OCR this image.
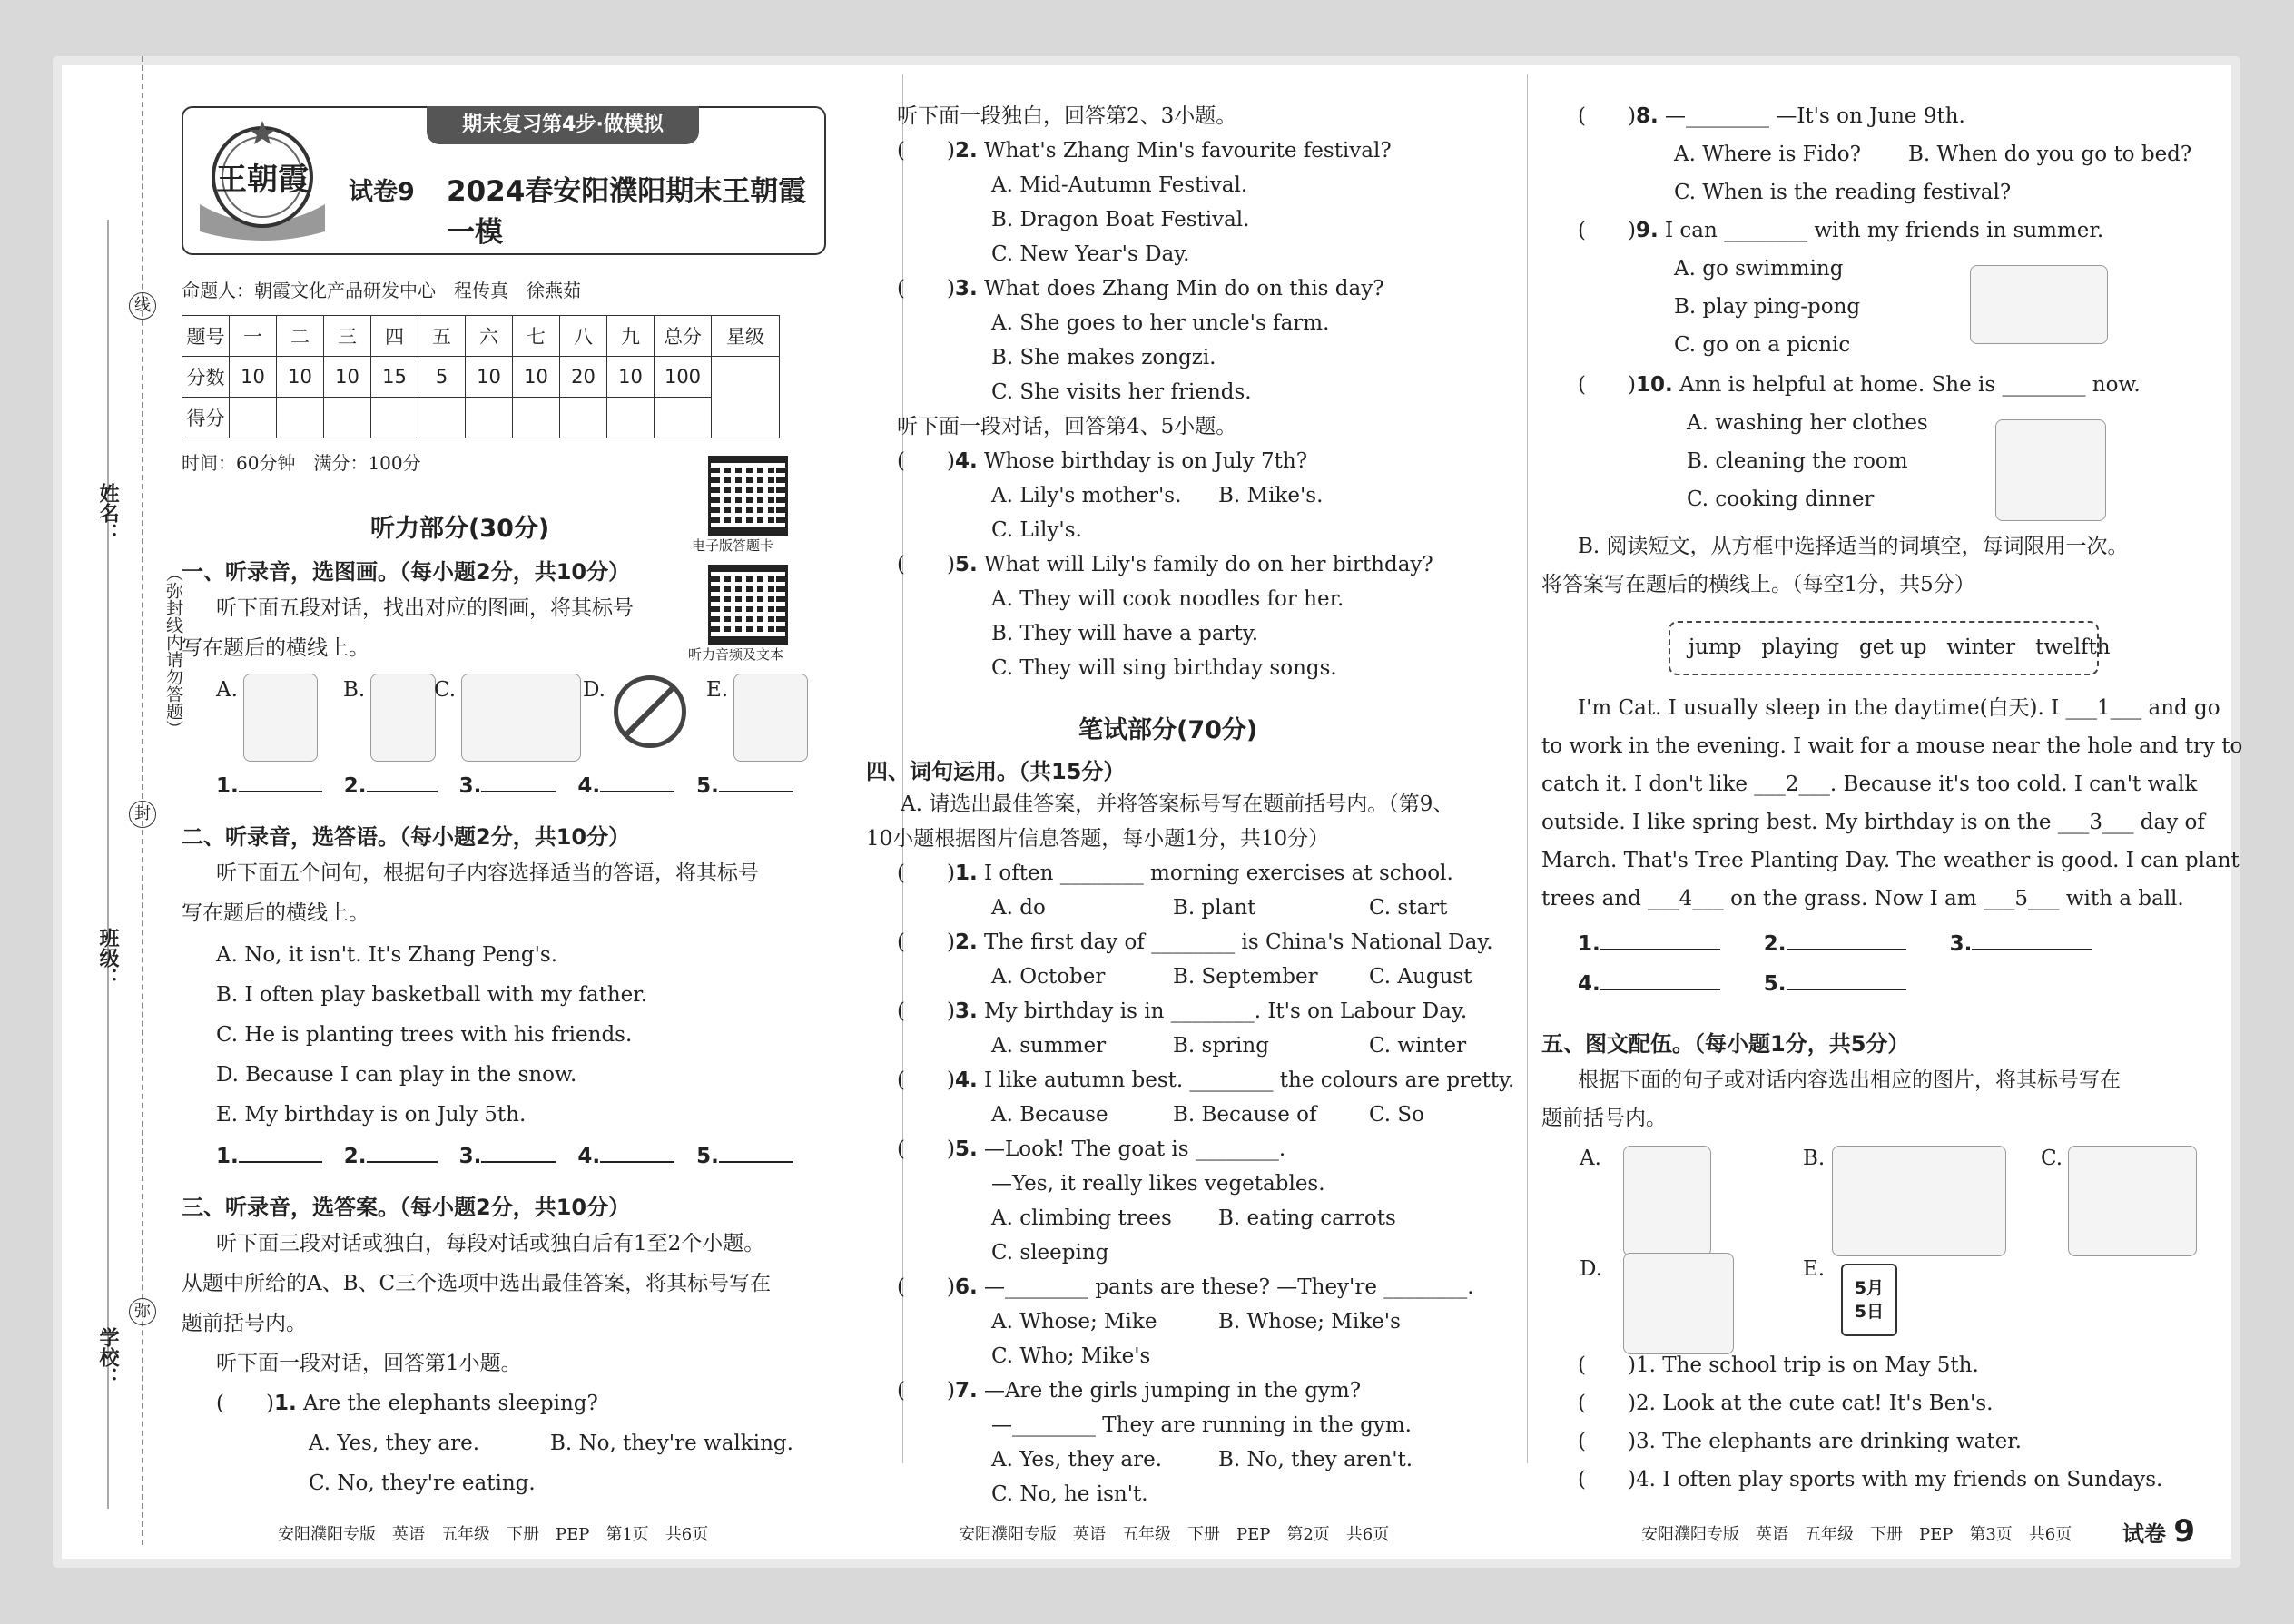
姓名：
班级：
学校：
（弥封线内请勿答题）
线
封
弥
王朝霞
期末复习第4步·做模拟
试卷9 2024春安阳濮阳期末王朝霞一模
命题人：朝霞文化产品研发中心　程传真　徐燕茹
题号	一	二	三	四	五	六	七	八	九	总分	星级
分数	10	10	10	15	5	10	10	20	10	100	
得分											
时间：60分钟　满分：100分
电子版答题卡
听力音频及文本
听力部分(30分)
一、听录音，选图画。（每小题2分，共10分）
听下面五段对话，找出对应的图画，将其标号
写在题后的横线上。
A.	B.	C.	D.	E.
1.	2.	3.	4.	5.
二、听录音，选答语。（每小题2分，共10分）
听下面五个问句，根据句子内容选择适当的答语，将其标号
写在题后的横线上。
A. No, it isn't. It's Zhang Peng's.
B. I often play basketball with my father.
C. He is planting trees with his friends.
D. Because I can play in the snow.
E. My birthday is on July 5th.
1.	2.	3.	4.	5.
三、听录音，选答案。（每小题2分，共10分）
听下面三段对话或独白，每段对话或独白后有1至2个小题。
从题中所给的A、B、C三个选项中选出最佳答案，将其标号写在
题前括号内。
听下面一段对话，回答第1小题。
(　　)1. Are the elephants sleeping?
A. Yes, they are.	B. No, they're walking.
C. No, they're eating.
听下面一段独白，回答第2、3小题。
(　　)2. What's Zhang Min's favourite festival?
A. Mid-Autumn Festival.
B. Dragon Boat Festival.
C. New Year's Day.
(　　)3. What does Zhang Min do on this day?
A. She goes to her uncle's farm.
B. She makes zongzi.
C. She visits her friends.
听下面一段对话，回答第4、5小题。
(　　)4. Whose birthday is on July 7th?
A. Lily's mother's. B. Mike's.
C. Lily's.
(　　)5. What will Lily's family do on her birthday?
A. They will cook noodles for her.
B. They will have a party.
C. They will sing birthday songs.
笔试部分(70分)
四、词句运用。（共15分）
A. 请选出最佳答案，并将答案标号写在题前括号内。（第9、
10小题根据图片信息答题，每小题1分，共10分）
(　　)1. I often ________ morning exercises at school.
A. do	B. plant	C. start
(　　)2. The first day of ________ is China's National Day.
A. October	B. September C. August
(　　)3. My birthday is in ________. It's on Labour Day.
A. summer	B. spring	C. winter
(　　)4. I like autumn best. ________ the colours are pretty.
A. Because	B. Because of C. So
(　　)5. —Look! The goat is ________.
—Yes, it really likes vegetables.
A. climbing trees B. eating carrots
C. sleeping
(　　)6. —________ pants are these? —They're ________.
A. Whose; Mike	B. Whose; Mike's
C. Who; Mike's
(　　)7. —Are the girls jumping in the gym?
—________ They are running in the gym.
A. Yes, they are.	B. No, they aren't.
C. No, he isn't.
(　　)8. —________ —It's on June 9th.
A. Where is Fido? B. When do you go to bed?
C. When is the reading festival?
(　　)9. I can ________ with my friends in summer.
A. go swimming
B. play ping-pong
C. go on a picnic
(　　)10. Ann is helpful at home. She is ________ now.
A. washing her clothes
B. cleaning the room
C. cooking dinner
B. 阅读短文，从方框中选择适当的词填空，每词限用一次。
将答案写在题后的横线上。（每空1分，共5分）
jump playing get up winter twelfth
I'm Cat. I usually sleep in the daytime(白天). I ___1___ and go
to work in the evening. I wait for a mouse near the hole and try to
catch it. I don't like ___2___. Because it's too cold. I can't walk
outside. I like spring best. My birthday is on the ___3___ day of
March. That's Tree Planting Day. The weather is good. I can plant
trees and ___4___ on the grass. Now I am ___5___ with a ball.
1.	2.	3.
4.	5.
五、图文配伍。（每小题1分，共5分）
根据下面的句子或对话内容选出相应的图片，将其标号写在
题前括号内。
A.	B.	C.
D.	E.
5月5日
(　　)1. The school trip is on May 5th.
(　　)2. Look at the cute cat! It's Ben's.
(　　)3. The elephants are drinking water.
(　　)4. I often play sports with my friends on Sundays.
安阳濮阳专版　英语　五年级　下册　PEP　第1页　共6页	安阳濮阳专版　英语　五年级　下册　PEP　第2页　共6页	安阳濮阳专版　英语　五年级　下册　PEP　第3页　共6页 试卷 9
